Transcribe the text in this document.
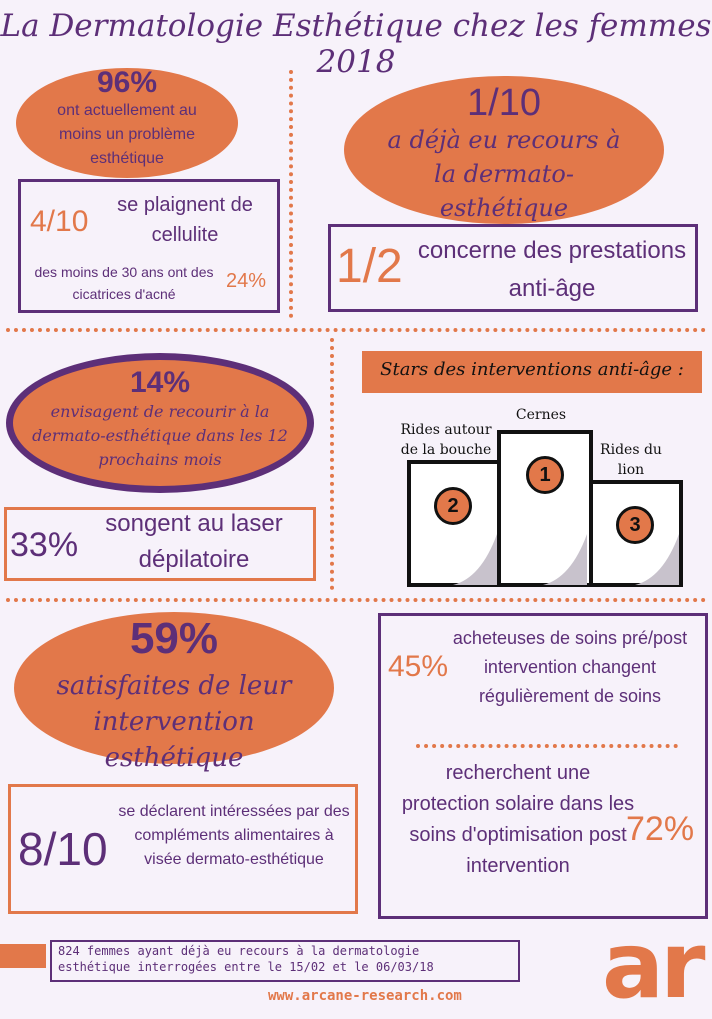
La Dermatologie Esthétique chez les femmes 2018
96%
ont actuellement au moins un problème esthétique
4/10	se plaignent de cellulite
des moins de 30 ans ont des cicatrices d'acné
24%
1/10
a déjà eu recours à la dermato-esthétique
1/2 concerne des prestations anti-âge
14%
envisagent de recourir à la dermato-esthétique dans les 12 prochains mois
33%
songent au laser dépilatoire
Stars des interventions anti-âge :
Rides autour de la bouche
Cernes
Rides du lion
2
1
3
59%
satisfaites de leur intervention esthétique
8/10
se déclarent intéressées par des compléments alimentaires à visée dermato-esthétique
45%
acheteuses de soins pré/post intervention changent régulièrement de soins
recherchent une protection solaire dans les soins d'optimisation post intervention
72%
824 femmes ayant déjà eu recours à la dermatologie esthétique interrogées entre le 15/02 et le 06/03/18
www.arcane-research.com ar
